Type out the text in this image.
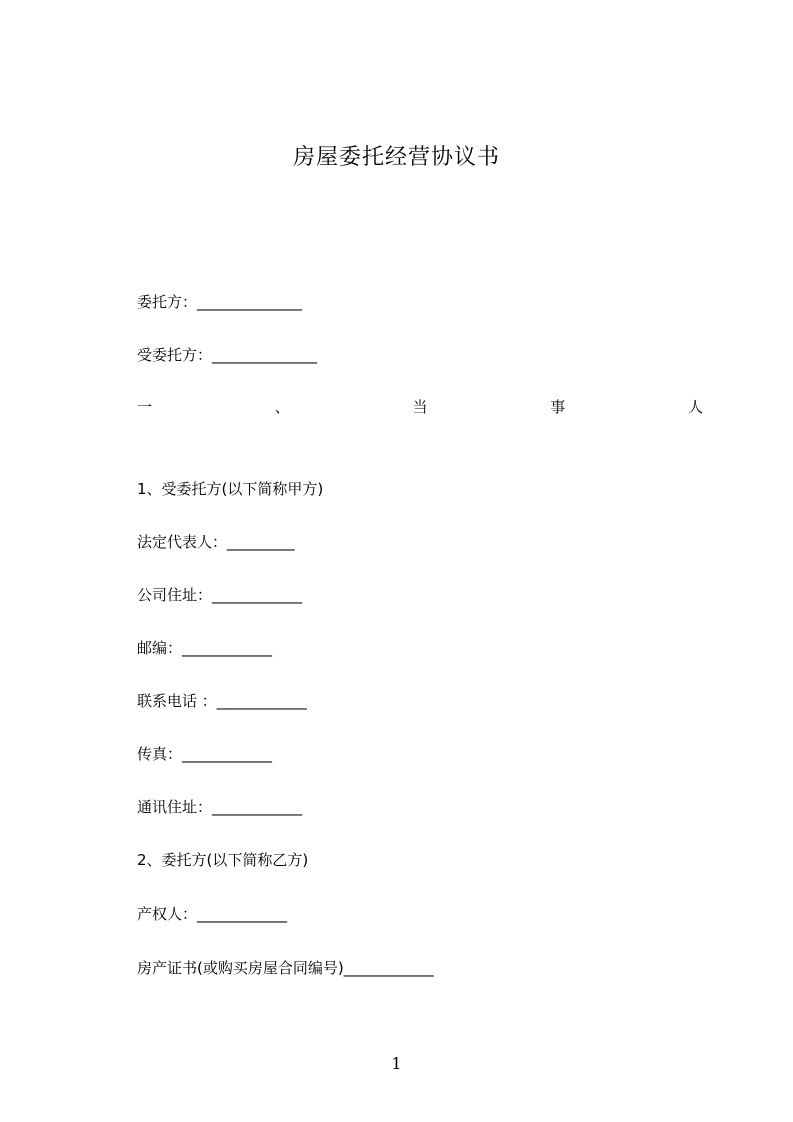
房屋委托经营协议书
委托方：______________
受委托方：______________
一	、	当	事	人
1、受委托方(以下简称甲方)
法定代表人：_________
公司住址：____________
邮编：____________
联系电话 ：____________
传真：____________
通讯住址：____________
2、委托方(以下简称乙方)
产权人：____________
房产证书(或购买房屋合同编号)____________
1
